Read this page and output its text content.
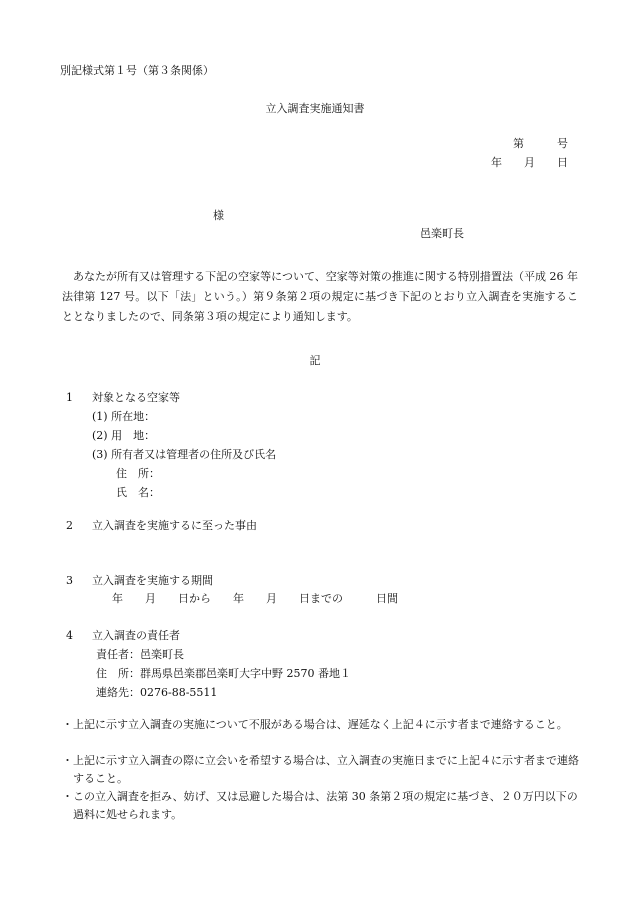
別記様式第１号（第３条関係）
立入調査実施通知書
第　　　号
年　　月　　日
様
邑楽町長
あなたが所有又は管理する下記の空家等について、空家等対策の推進に関する特別措置法（平成 26 年法律第 127 号。以下「法」という。）第９条第２項の規定に基づき下記のとおり立入調査を実施することとなりましたので、同条第３項の規定により通知します。
記
1 対象となる空家等
(1) 所在地：
(2) 用　地：
(3) 所有者又は管理者の住所及び氏名
住　所：
氏　名：
2 立入調査を実施するに至った事由
3 立入調査を実施する期間
年　　月　　日から　　年　　月　　日までの　　　日間
4 立入調査の責任者
責任者：邑楽町長
住　所：群馬県邑楽郡邑楽町大字中野 2570 番地１
連絡先：0276-88-5511
・上記に示す立入調査の実施について不服がある場合は、遅延なく上記４に示す者まで連絡すること。
・上記に示す立入調査の際に立会いを希望する場合は、立入調査の実施日までに上記４に示す者まで連絡すること。
・この立入調査を拒み、妨げ、又は忌避した場合は、法第 30 条第２項の規定に基づき、２０万円以下の過料に処せられます。
